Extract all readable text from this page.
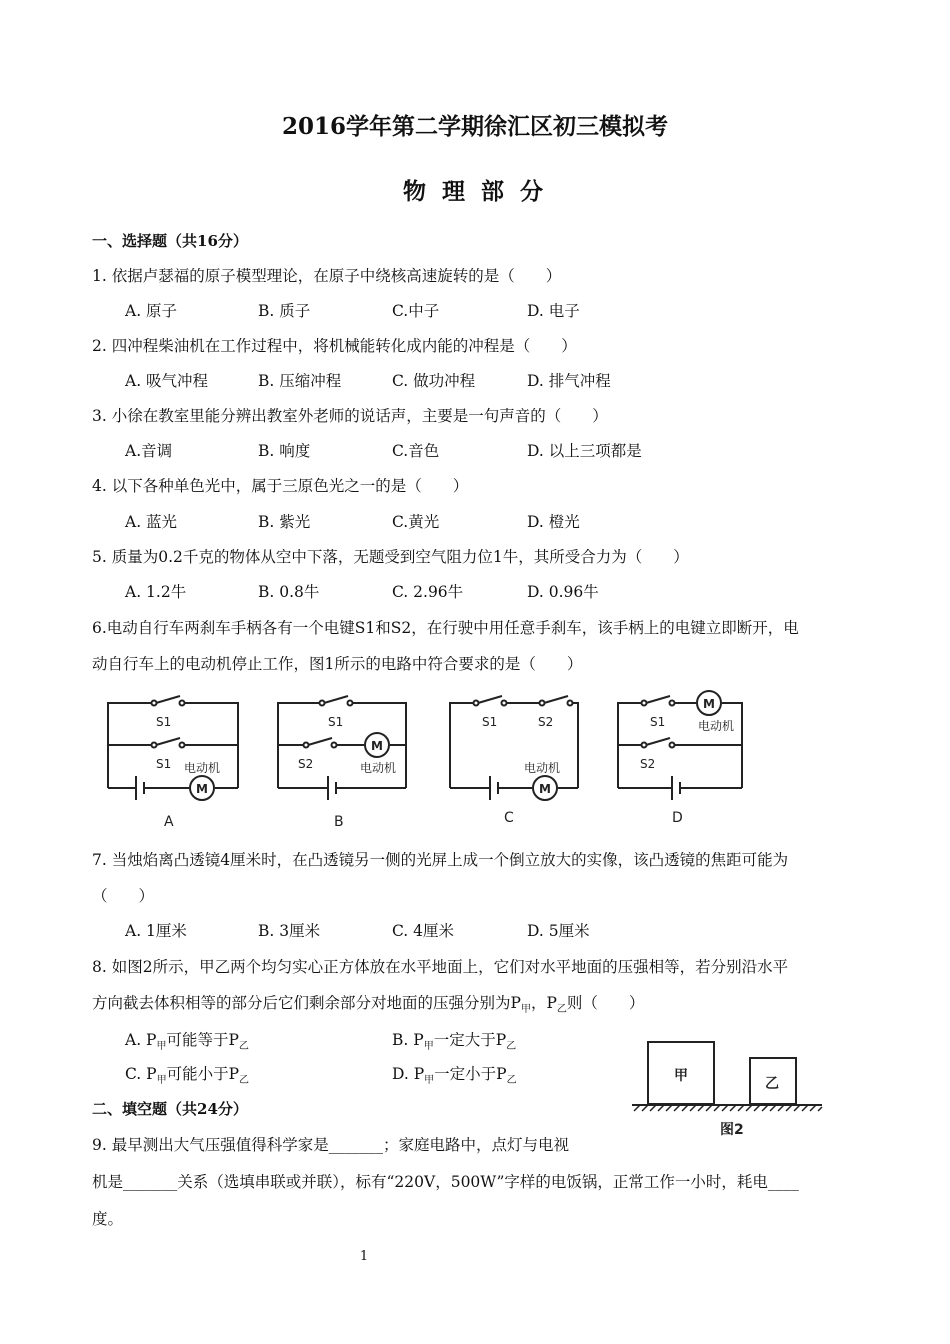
2016学年第二学期徐汇区初三模拟考
物 理 部 分
一、选择题（共16分）
1. 依据卢瑟福的原子模型理论，在原子中绕核高速旋转的是（　　）
A. 原子	B. 质子	C.中子	D. 电子
2. 四冲程柴油机在工作过程中，将机械能转化成内能的冲程是（　　）
A. 吸气冲程	B. 压缩冲程	C. 做功冲程	D. 排气冲程
3. 小徐在教室里能分辨出教室外老师的说话声，主要是一句声音的（　　）
A.音调	B. 响度	C.音色	D. 以上三项都是
4. 以下各种单色光中，属于三原色光之一的是（　　）
A. 蓝光	B. 紫光	C.黄光	D. 橙光
5. 质量为0.2千克的物体从空中下落，无题受到空气阻力位1牛，其所受合力为（　　）
A. 1.2牛	B. 0.8牛	C. 2.96牛	D. 0.96牛
6.电动自行车两刹车手柄各有一个电键S1和S2，在行驶中用任意手刹车，该手柄上的电键立即断开，电
动自行车上的电动机停止工作，图1所示的电路中符合要求的是（　　）
S1
S1 电动机
M
A
S1
S2
M
电动机
B
S1	S2
电动机
M
C
S1	电动机
M
S2
D
7. 当烛焰离凸透镜4厘米时，在凸透镜另一侧的光屏上成一个倒立放大的实像，该凸透镜的焦距可能为
（　　）
A. 1厘米	B. 3厘米	C. 4厘米	D. 5厘米
8. 如图2所示，甲乙两个均匀实心正方体放在水平地面上，它们对水平地面的压强相等，若分别沿水平
方向截去体积相等的部分后它们剩余部分对地面的压强分别为$P_甲$，$P_乙$则（　　）
A. $P_甲$可能等于$P_乙$	B. $P_甲$一定大于$P_乙$
C. $P_甲$可能小于$P_乙$	D. $P_甲$一定小于$P_乙$	甲	乙
图2
二、填空题（共24分）
9. 最早测出大气压强值得科学家是_______；家庭电路中，点灯与电视
机是_______关系（选填串联或并联），标有“220V，500W”字样的电饭锅，正常工作一小时，耗电____
度。
1
